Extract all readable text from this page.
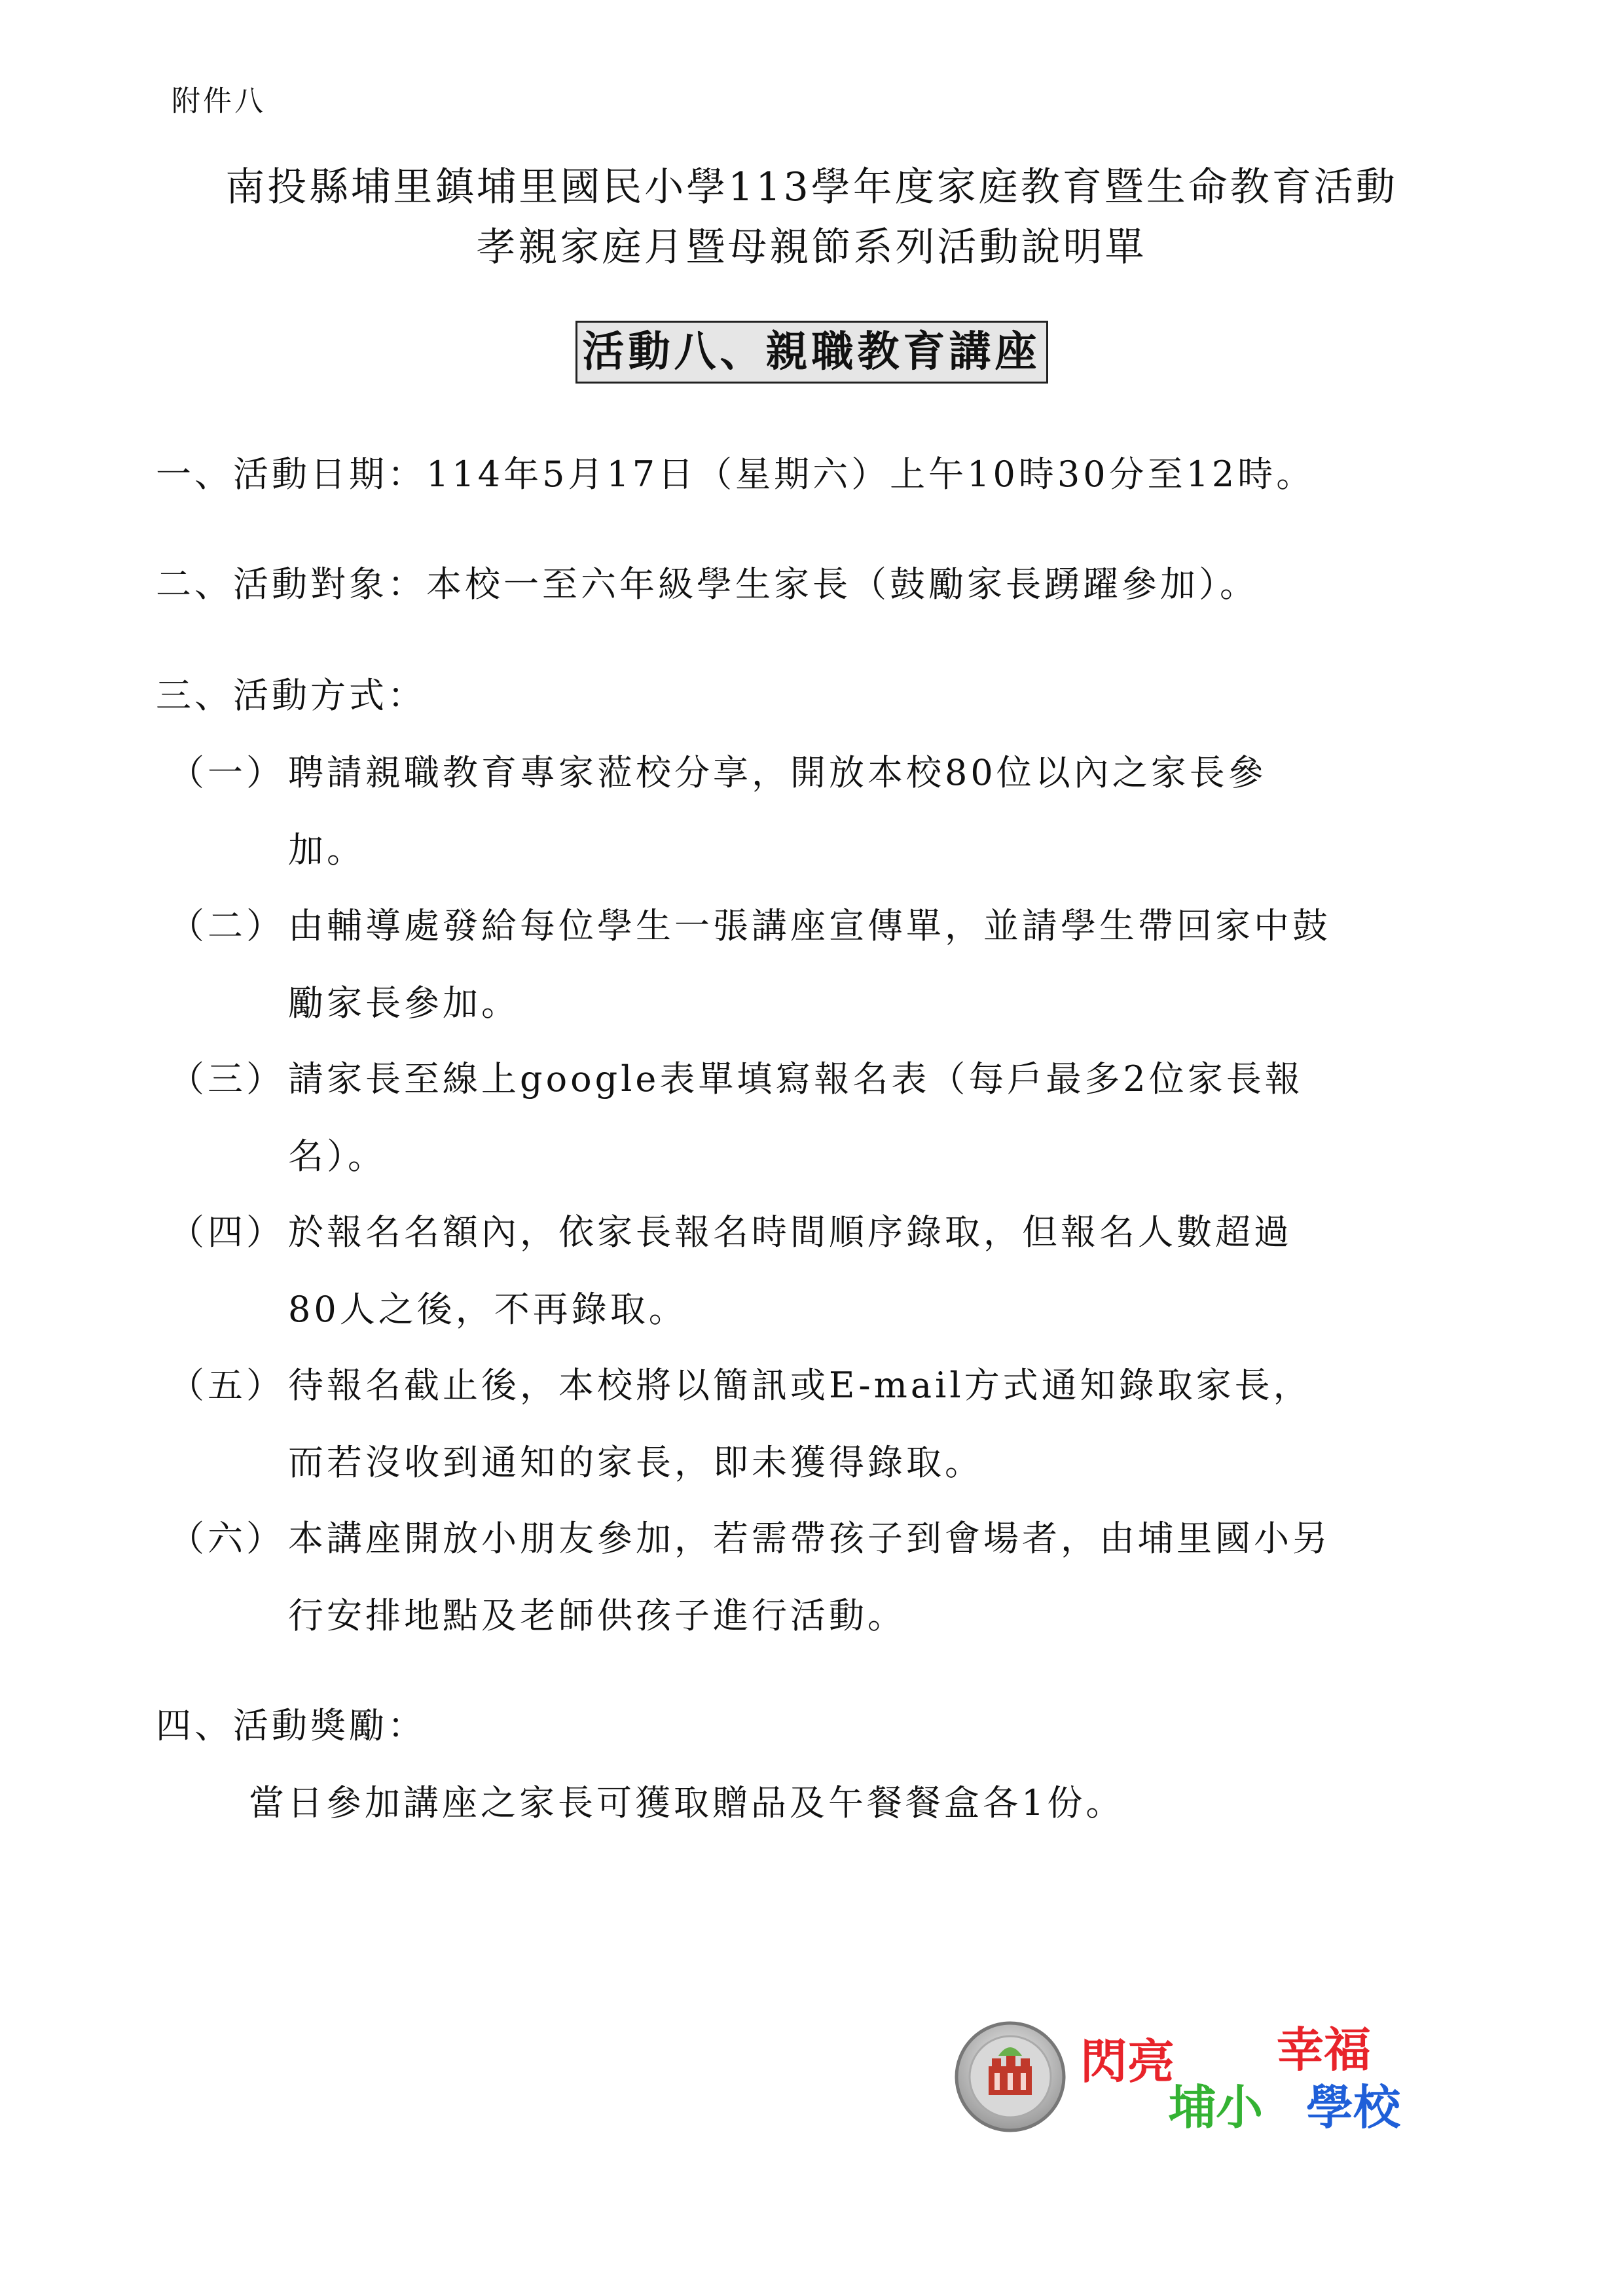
附件八
南投縣埔里鎮埔里國民小學113學年度家庭教育暨生命教育活動
孝親家庭月暨母親節系列活動說明單
活動八、親職教育講座
一、活動日期：114年5月17日（星期六）上午10時30分至12時。
二、活動對象：本校一至六年級學生家長（鼓勵家長踴躍參加）。
三、活動方式：
（一） 聘請親職教育專家蒞校分享，開放本校80位以內之家長參
加。
（二） 由輔導處發給每位學生一張講座宣傳單，並請學生帶回家中鼓
勵家長參加。
（三） 請家長至線上google表單填寫報名表（每戶最多2位家長報
名）。
（四） 於報名名額內，依家長報名時間順序錄取，但報名人數超過
80人之後，不再錄取。
（五） 待報名截止後，本校將以簡訊或E-mail方式通知錄取家長，
而若沒收到通知的家長，即未獲得錄取。
（六） 本講座開放小朋友參加，若需帶孩子到會場者，由埔里國小另
行安排地點及老師供孩子進行活動。
四、活動獎勵：
當日參加講座之家長可獲取贈品及午餐餐盒各1份。
閃亮 幸福
埔小 學校
